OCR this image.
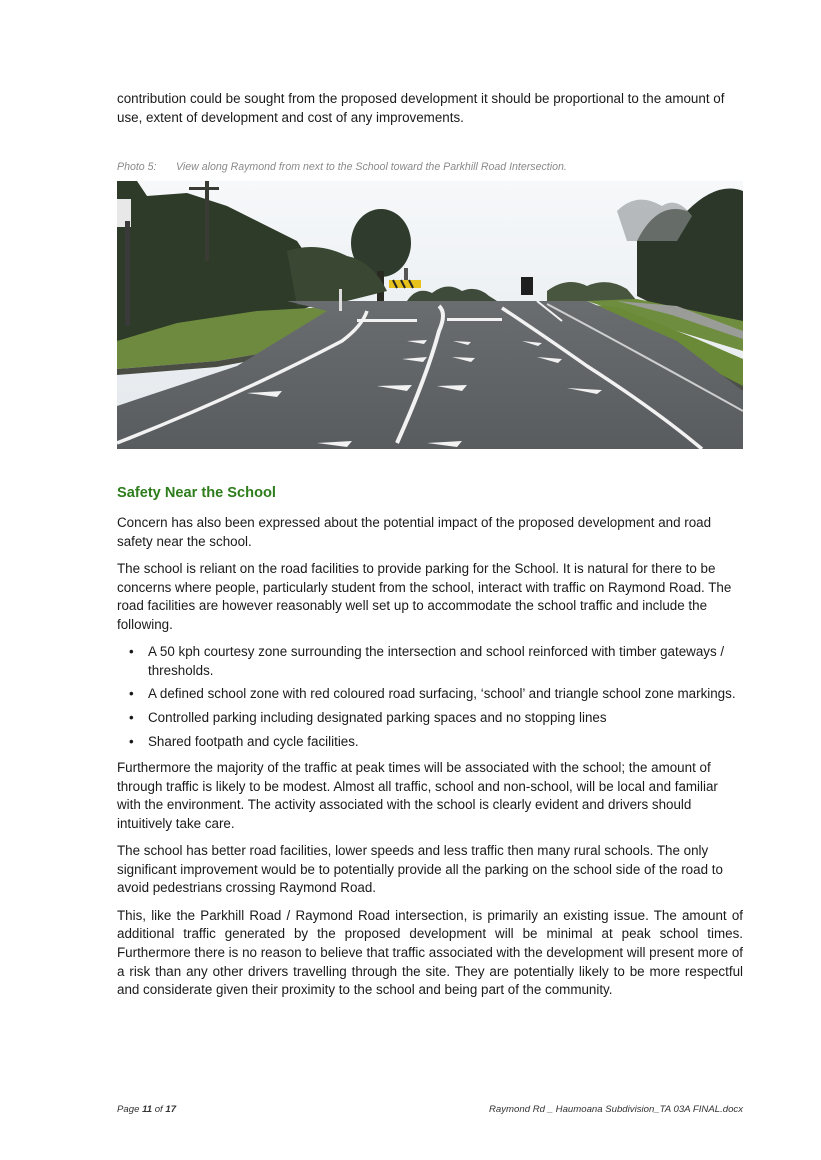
contribution could be sought from the proposed development it should be proportional to the amount of use, extent of development and cost of any improvements.

Photo 5: View along Raymond from next to the School toward the Parkhill Road Intersection.
Safety Near the School

Concern has also been expressed about the potential impact of the proposed development and road safety near the school.

The school is reliant on the road facilities to provide parking for the School. It is natural for there to be concerns where people, particularly student from the school, interact with traffic on Raymond Road. The road facilities are however reasonably well set up to accommodate the school traffic and include the following.

• A 50 kph courtesy zone surrounding the intersection and school reinforced with timber gateways / thresholds.
• A defined school zone with red coloured road surfacing, ‘school’ and triangle school zone markings.
• Controlled parking including designated parking spaces and no stopping lines
• Shared footpath and cycle facilities.

Furthermore the majority of the traffic at peak times will be associated with the school; the amount of through traffic is likely to be modest. Almost all traffic, school and non-school, will be local and familiar with the environment. The activity associated with the school is clearly evident and drivers should intuitively take care.

The school has better road facilities, lower speeds and less traffic then many rural schools. The only significant improvement would be to potentially provide all the parking on the school side of the road to avoid pedestrians crossing Raymond Road.

This, like the Parkhill Road / Raymond Road intersection, is primarily an existing issue. The amount of additional traffic generated by the proposed development will be minimal at peak school times. Furthermore there is no reason to believe that traffic associated with the development will present more of a risk than any other drivers travelling through the site. They are potentially likely to be more respectful and considerate given their proximity to the school and being part of the community.

Page 11 of 17	Raymond Rd _ Haumoana Subdivision_TA 03A FINAL.docx
